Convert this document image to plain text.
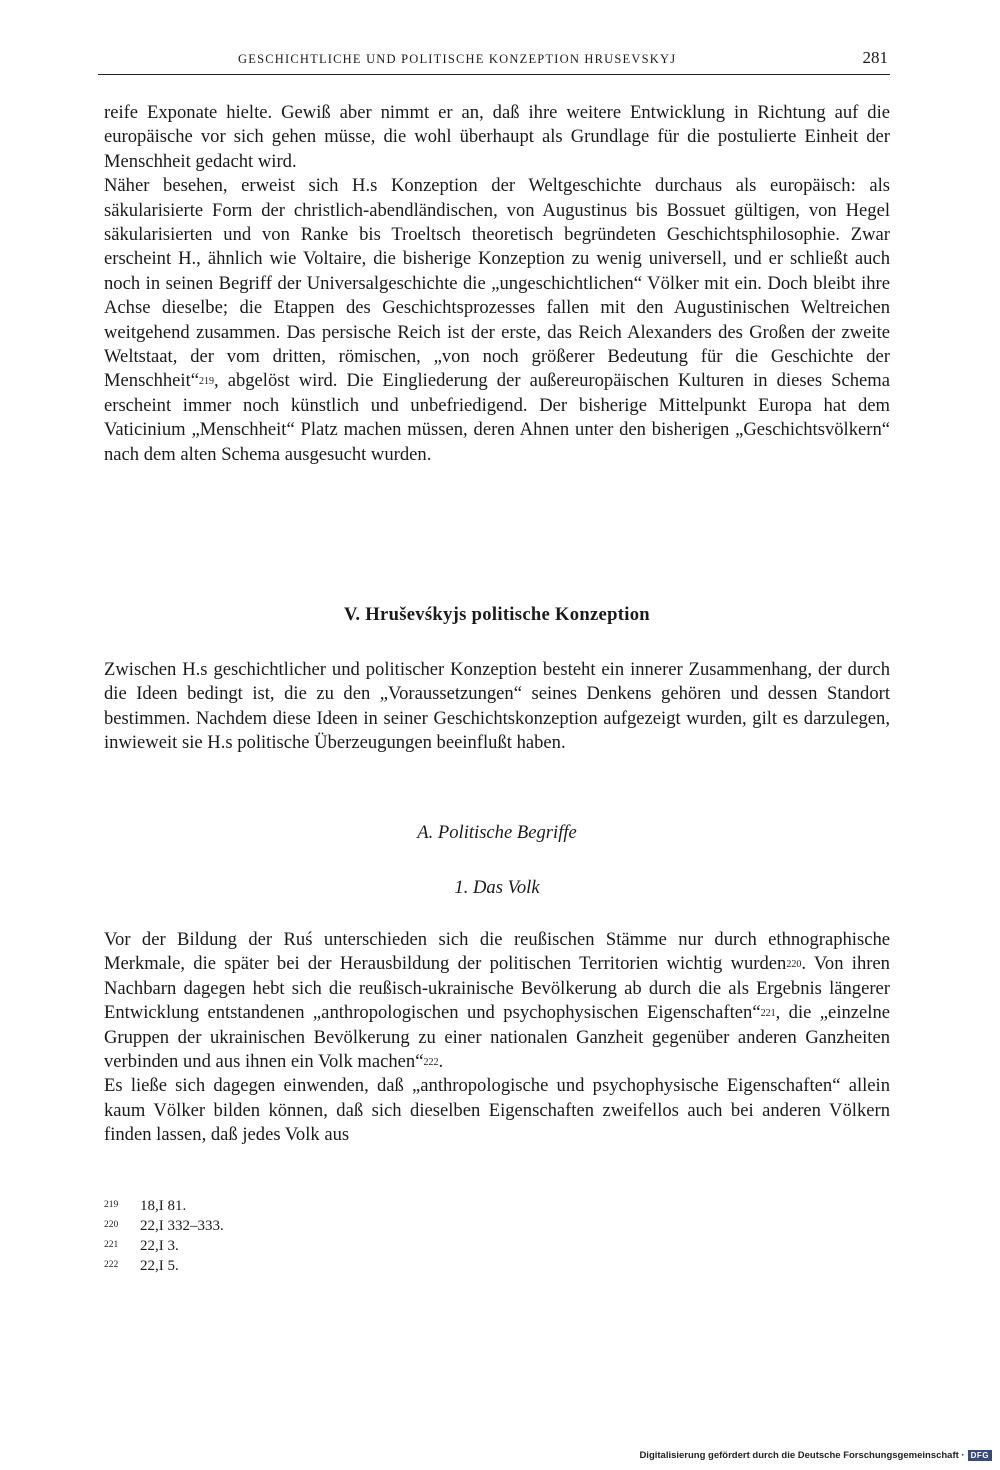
GESCHICHTLICHE UND POLITISCHE KONZEPTION HRUSEVSKYJ	281

reife Exponate hielte. Gewiß aber nimmt er an, daß ihre weitere Entwicklung in Richtung auf die europäische vor sich gehen müsse, die wohl überhaupt als Grundlage für die postulierte Einheit der Menschheit gedacht wird.

Näher besehen, erweist sich H.s Konzeption der Weltgeschichte durchaus als europäisch: als säkularisierte Form der christlich-abendländischen, von Augustinus bis Bossuet gültigen, von Hegel säkularisierten und von Ranke bis Troeltsch theoretisch begründeten Geschichtsphilosophie. Zwar erscheint H., ähnlich wie Voltaire, die bisherige Konzeption zu wenig universell, und er schließt auch noch in seinen Begriff der Universalgeschichte die „ungeschichtlichen“ Völker mit ein. Doch bleibt ihre Achse dieselbe; die Etappen des Geschichtsprozesses fallen mit den Augustinischen Weltreichen weitgehend zusammen. Das persische Reich ist der erste, das Reich Alexanders des Großen der zweite Weltstaat, der vom dritten, römischen, „von noch größerer Bedeutung für die Geschichte der Menschheit“$^{219}$, abgelöst wird. Die Eingliederung der außereuropäischen Kulturen in dieses Schema erscheint immer noch künstlich und unbefriedigend. Der bisherige Mittelpunkt Europa hat dem Vaticinium „Menschheit“ Platz machen müssen, deren Ahnen unter den bisherigen „Geschichtsvölkern“ nach dem alten Schema ausgesucht wurden.

V. Hruševśkyjs politische Konzeption

Zwischen H.s geschichtlicher und politischer Konzeption besteht ein innerer Zusammenhang, der durch die Ideen bedingt ist, die zu den „Voraussetzungen“ seines Denkens gehören und dessen Standort bestimmen. Nachdem diese Ideen in seiner Geschichtskonzeption aufgezeigt wurden, gilt es darzulegen, inwieweit sie H.s politische Überzeugungen beeinflußt haben.

A. Politische Begriffe
1. Das Volk

Vor der Bildung der Ruś unterschieden sich die reußischen Stämme nur durch ethnographische Merkmale, die später bei der Herausbildung der politischen Territorien wichtig wurden$^{220}$. Von ihren Nachbarn dagegen hebt sich die reußisch-ukrainische Bevölkerung ab durch die als Ergebnis längerer Entwicklung entstandenen „anthropologischen und psychophysischen Eigenschaften“$^{221}$, die „einzelne Gruppen der ukrainischen Bevölkerung zu einer nationalen Ganzheit gegenüber anderen Ganzheiten verbinden und aus ihnen ein Volk machen“$^{222}$.

Es ließe sich dagegen einwenden, daß „anthropologische und psychophysische Eigenschaften“ allein kaum Völker bilden können, daß sich dieselben Eigenschaften zweifellos auch bei anderen Völkern finden lassen, daß jedes Volk aus

219	18,I 81.
220	22,I 332–333.
221	22,I 3.
222	22,I 5.
Digitalisierung gefördert durch die Deutsche Forschungsgemeinschaft · DFG
